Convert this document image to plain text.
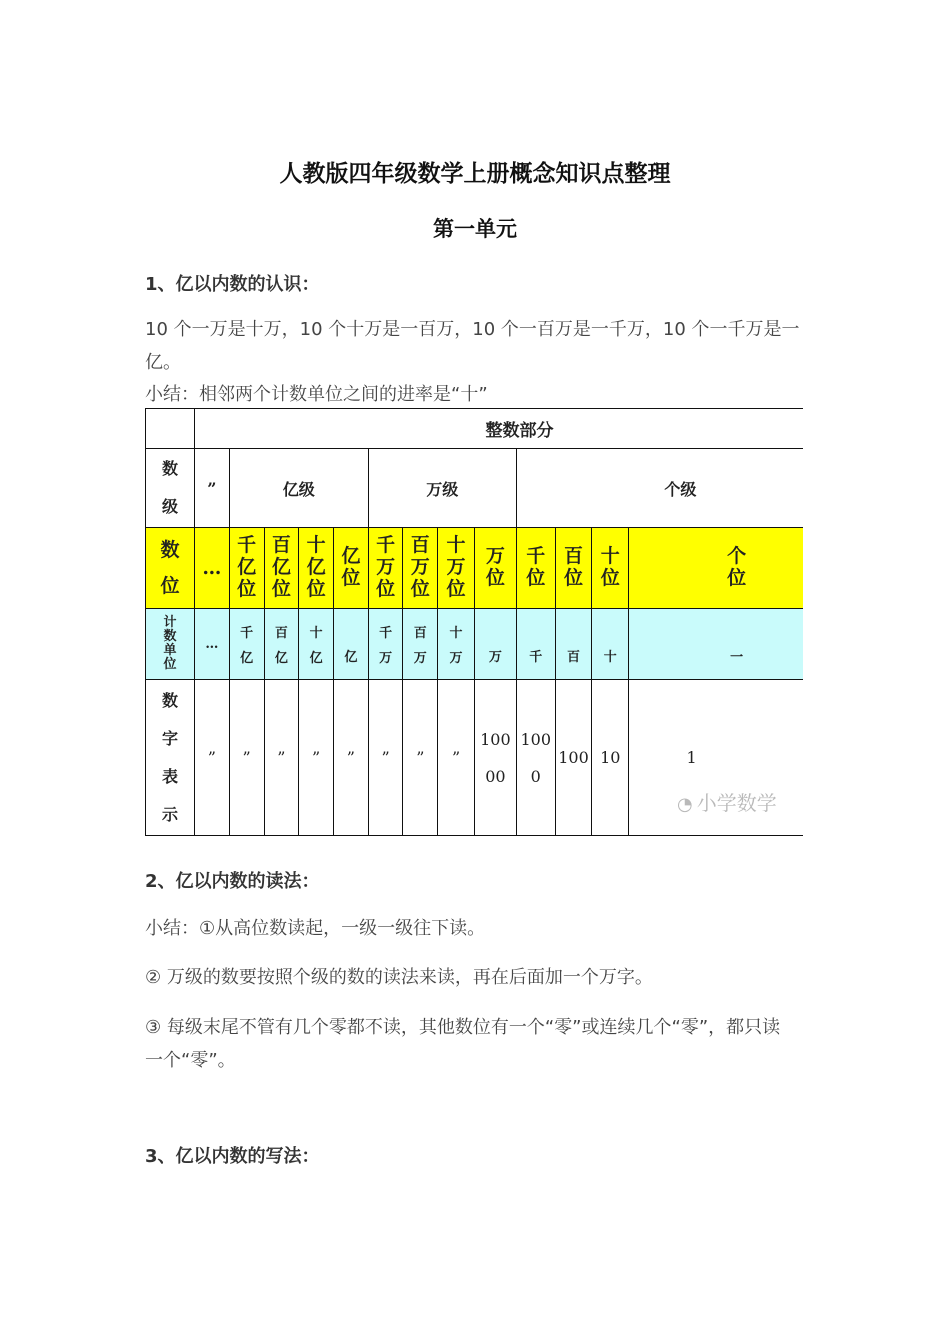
人教版四年级数学上册概念知识点整理
第一单元
1、亿以内数的认识：
10 个一万是十万，10 个十万是一百万，10 个一百万是一千万，10 个一千万是一亿。
小结：相邻两个计数单位之间的进率是“十”
	整数部分												
数级	”	亿级				万级				个级			
数位	…	千亿位	百亿位	十亿位	亿位	千万位	百万位	十万位	万位	千位	百位	十位	个位
计数单位	…	千亿	百亿	十亿	亿	千万	百万	十万	万	千	百	十	一
数字表示	”	”	”	”	”	”	”	”	10000	1000	100	10	1
◔ 小学数学
2、亿以内数的读法：
小结：①从高位数读起，一级一级往下读。
② 万级的数要按照个级的数的读法来读，再在后面加一个万字。
③ 每级末尾不管有几个零都不读，其他数位有一个“零”或连续几个“零”，都只读一个“零”。
3、亿以内数的写法：
